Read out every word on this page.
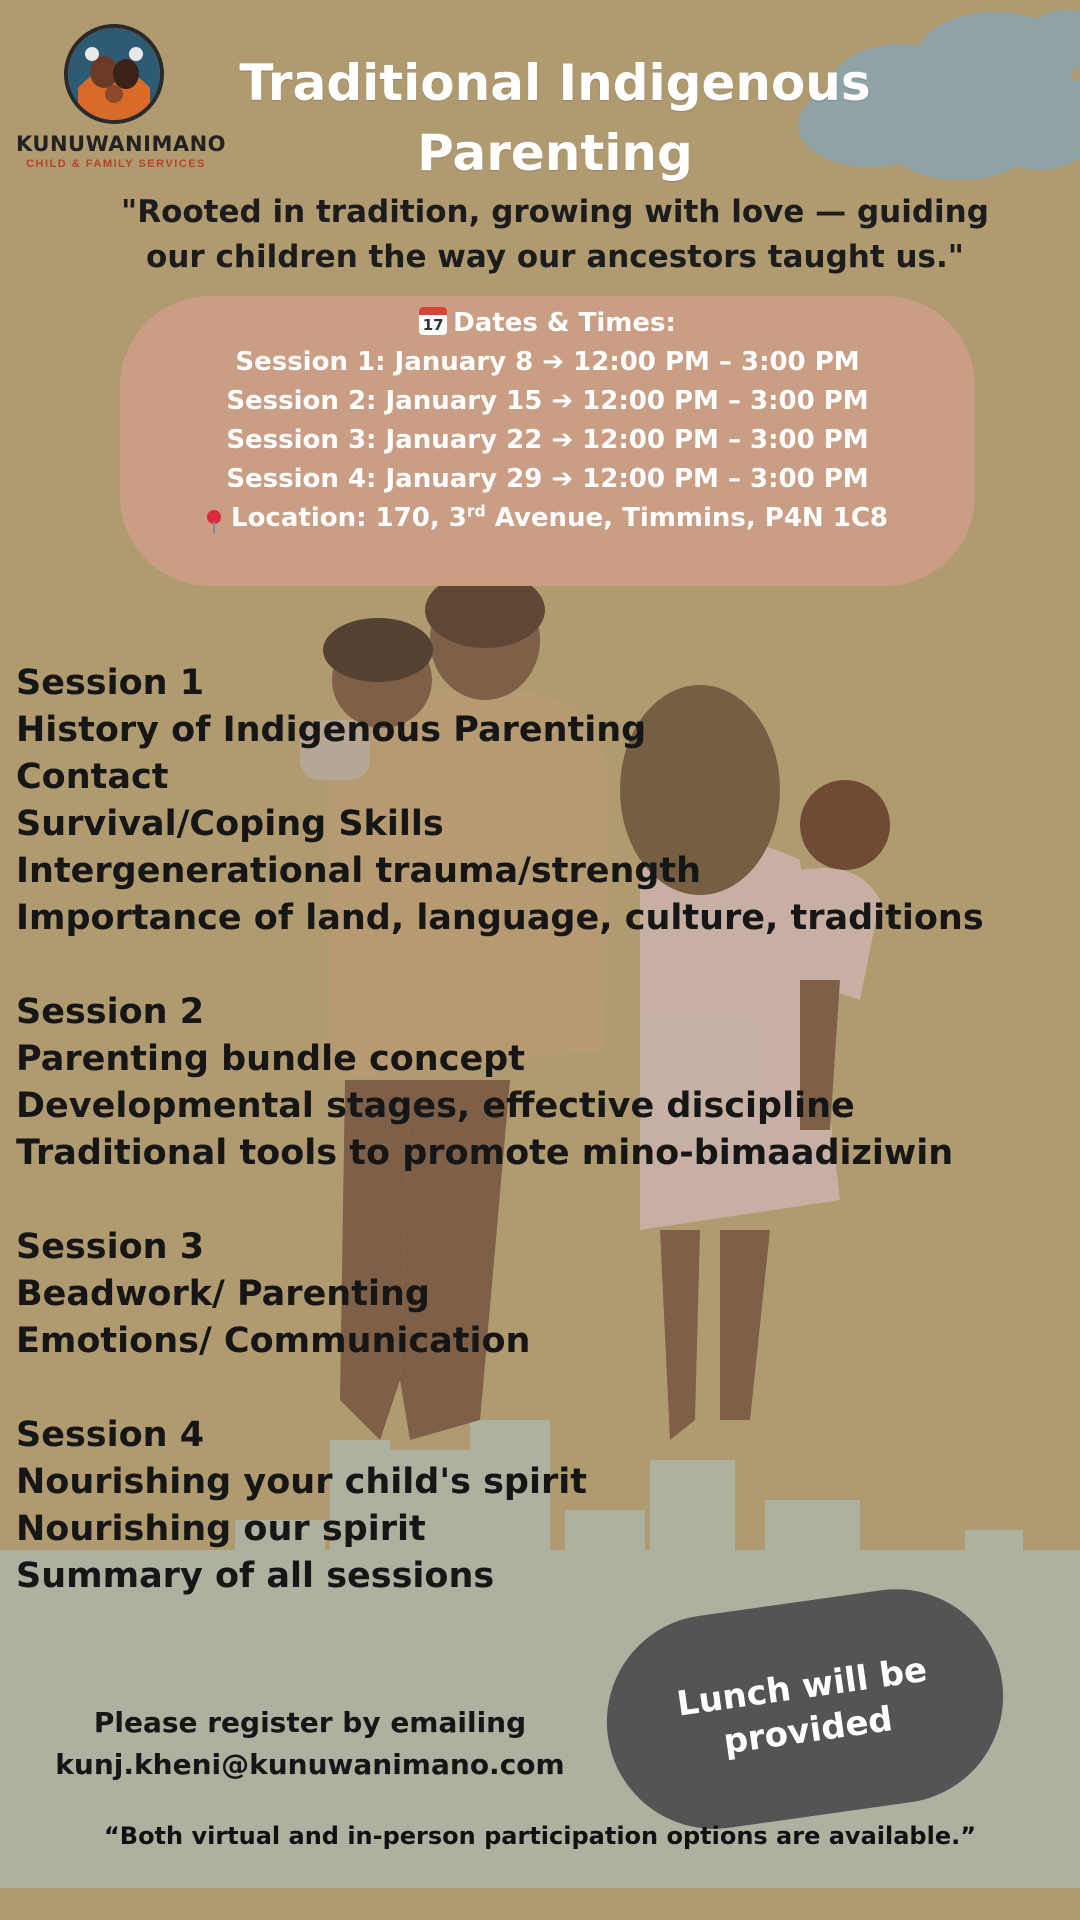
KUNUWANIMANO
CHILD & FAMILY SERVICES
Traditional Indigenous
Parenting
"Rooted in tradition, growing with love — guiding
our children the way our ancestors taught us."
17 Dates & Times:
Session 1: January 8 ➔ 12:00 PM – 3:00 PM
Session 2: January 15 ➔ 12:00 PM – 3:00 PM
Session 3: January 22 ➔ 12:00 PM – 3:00 PM
Session 4: January 29 ➔ 12:00 PM – 3:00 PM
Location: 170, 3rd Avenue, Timmins, P4N 1C8
Session 1
History of Indigenous Parenting
Contact
Survival/Coping Skills
Intergenerational trauma/strength
Importance of land, language, culture, traditions
Session 2
Parenting bundle concept
Developmental stages, effective discipline
Traditional tools to promote mino-bimaadiziwin
Session 3
Beadwork/ Parenting
Emotions/ Communication
Session 4
Nourishing your child's spirit
Nourishing our spirit
Summary of all sessions
Please register by emailing
kunj.kheni@kunuwanimano.com
Lunch will be provided
“Both virtual and in-person participation options are available.”
